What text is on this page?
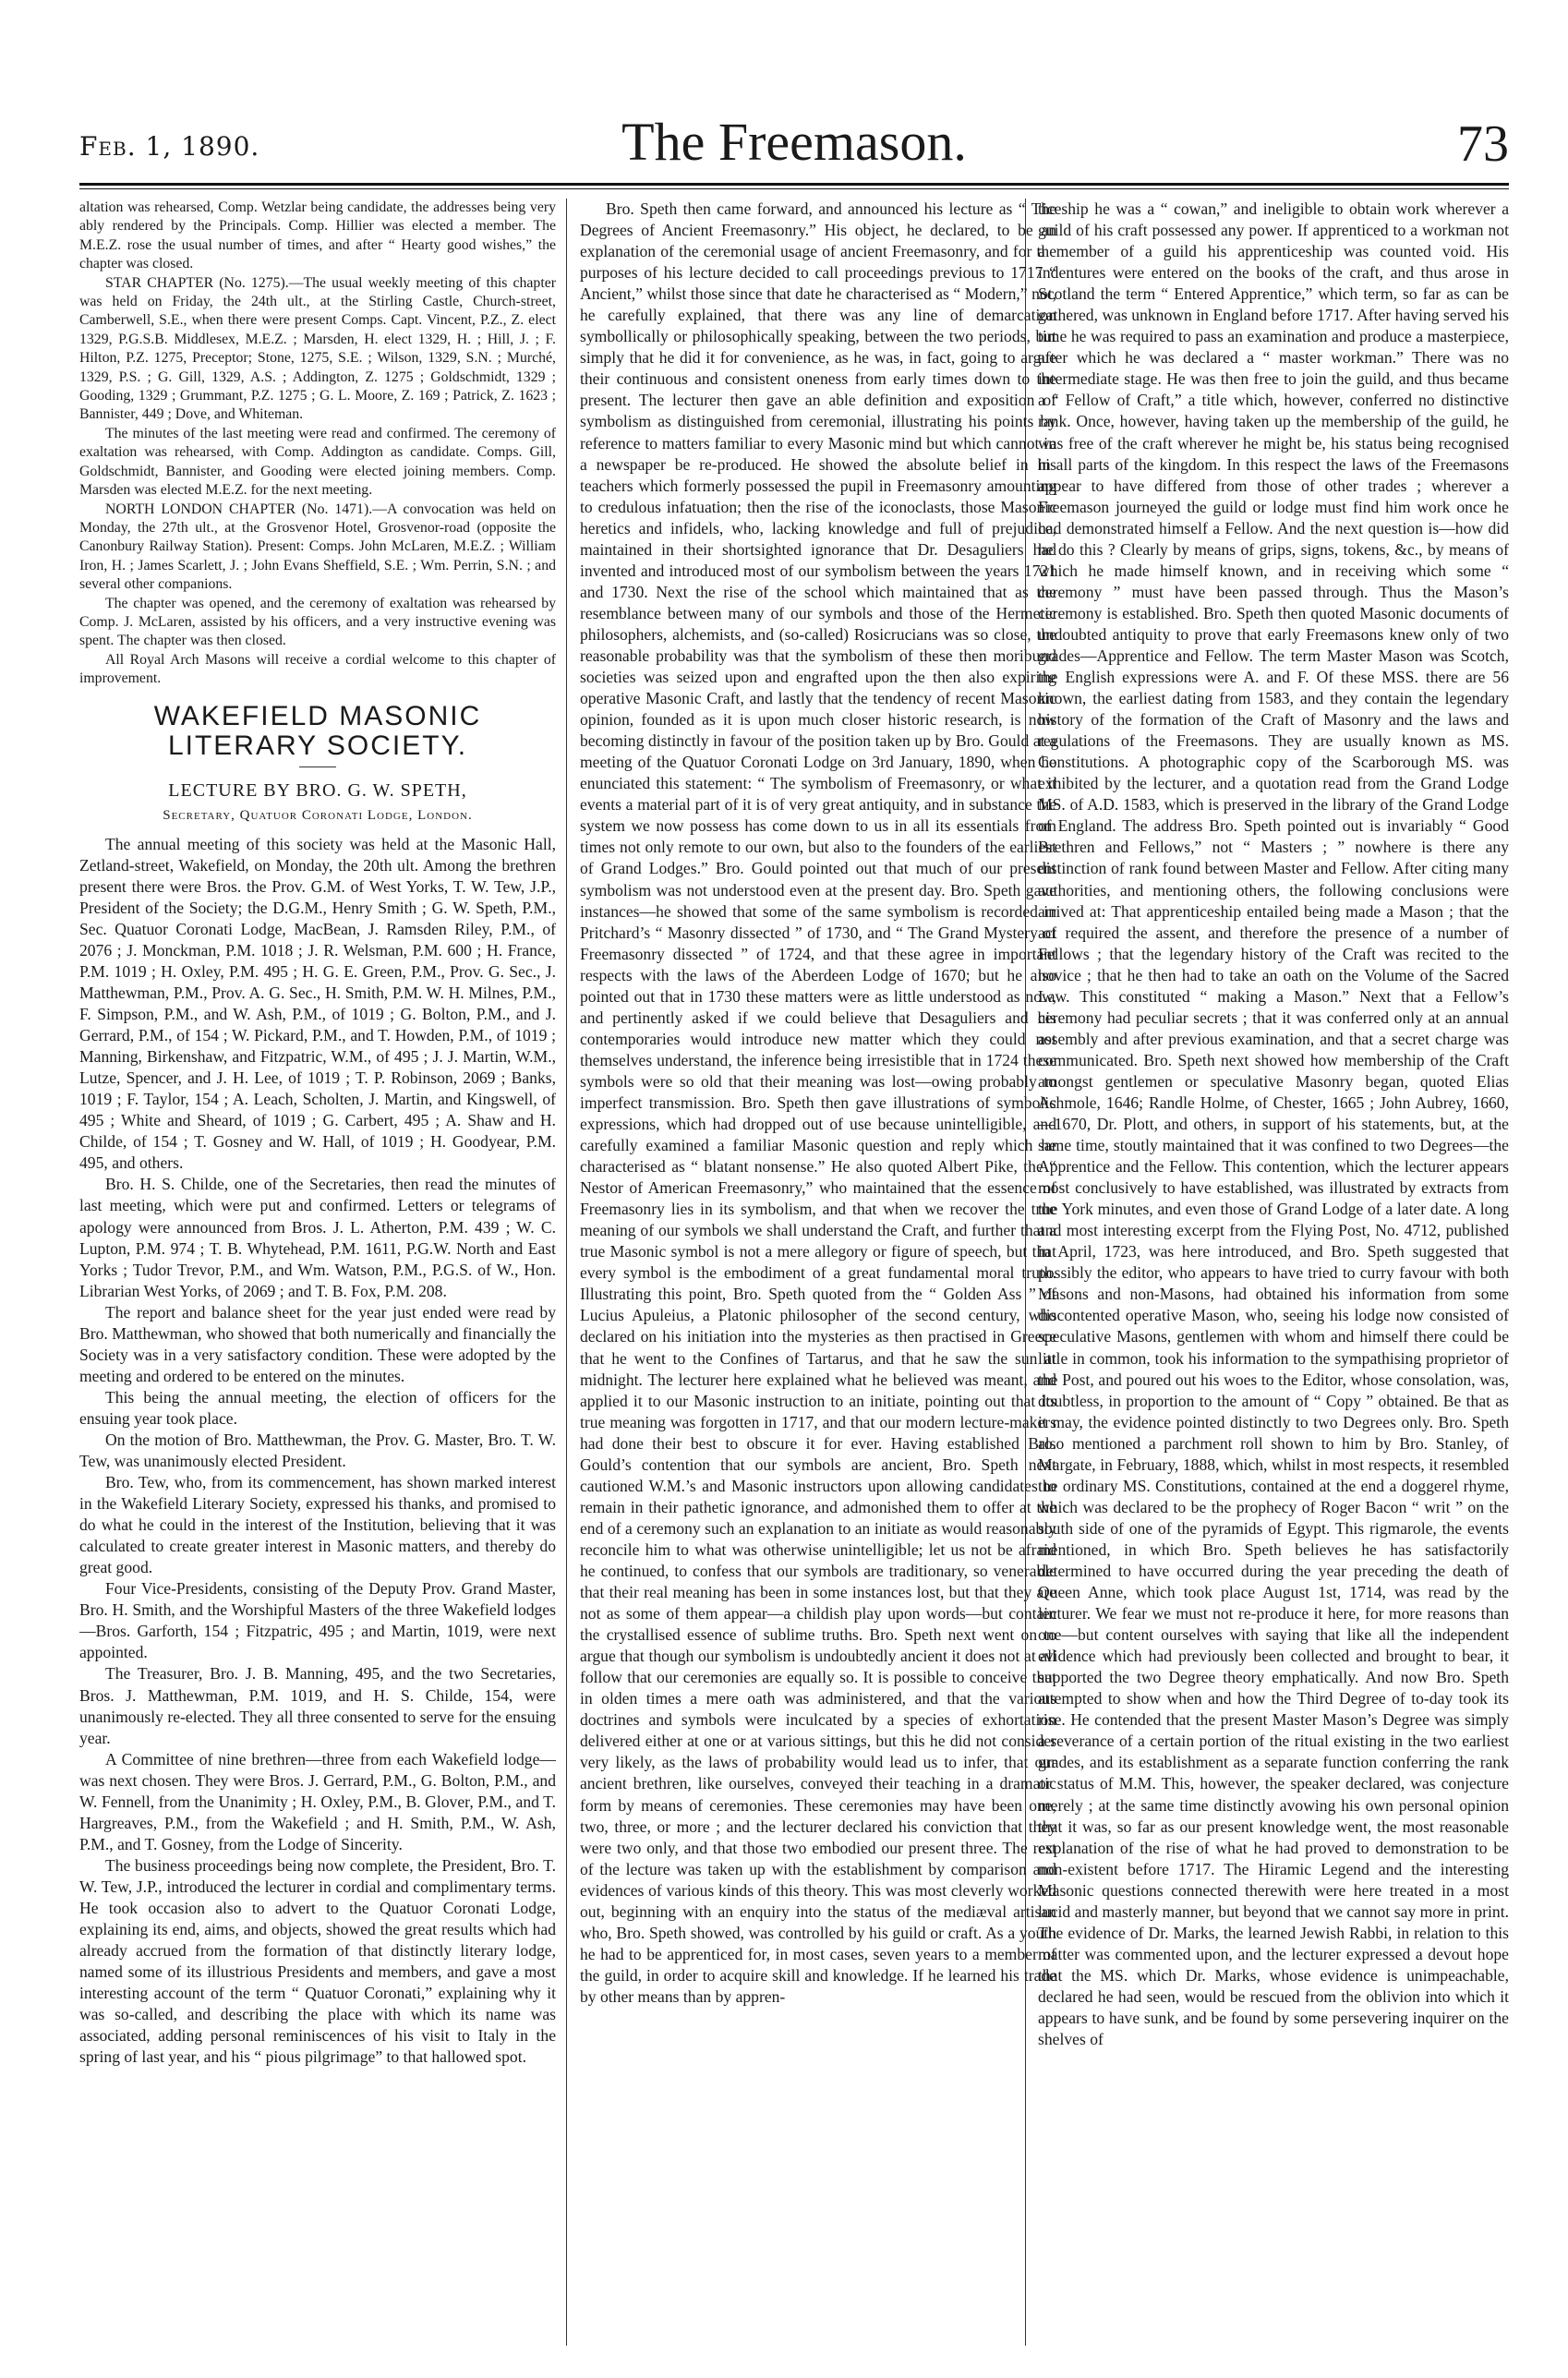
Feb. 1, 1890.	The Freemason.	73

altation was rehearsed, Comp. Wetzlar being candidate, the addresses being very ably rendered by the Principals. Comp. Hillier was elected a member. The M.E.Z. rose the usual number of times, and after “ Hearty good wishes,” the chapter was closed.

STAR CHAPTER (No. 1275).—The usual weekly meeting of this chapter was held on Friday, the 24th ult., at the Stirling Castle, Church-street, Camberwell, S.E., when there were present Comps. Capt. Vincent, P.Z., Z. elect 1329, P.G.S.B. Middlesex, M.E.Z. ; Marsden, H. elect 1329, H. ; Hill, J. ; F. Hilton, P.Z. 1275, Preceptor; Stone, 1275, S.E. ; Wilson, 1329, S.N. ; Murché, 1329, P.S. ; G. Gill, 1329, A.S. ; Addington, Z. 1275 ; Goldschmidt, 1329 ; Gooding, 1329 ; Grummant, P.Z. 1275 ; G. L. Moore, Z. 169 ; Patrick, Z. 1623 ; Bannister, 449 ; Dove, and Whiteman.

The minutes of the last meeting were read and confirmed. The ceremony of exaltation was rehearsed, with Comp. Addington as candidate. Comps. Gill, Goldschmidt, Bannister, and Gooding were elected joining members. Comp. Marsden was elected M.E.Z. for the next meeting.

NORTH LONDON CHAPTER (No. 1471).—A convocation was held on Monday, the 27th ult., at the Grosvenor Hotel, Grosvenor-road (opposite the Canonbury Railway Station). Present: Comps. John McLaren, M.E.Z. ; William Iron, H. ; James Scarlett, J. ; John Evans Sheffield, S.E. ; Wm. Perrin, S.N. ; and several other companions.

The chapter was opened, and the ceremony of exaltation was rehearsed by Comp. J. McLaren, assisted by his officers, and a very instructive evening was spent. The chapter was then closed.

All Royal Arch Masons will receive a cordial welcome to this chapter of improvement.

WAKEFIELD MASONIC LITERARY SOCIETY.
LECTURE BY BRO. G. W. SPETH,
Secretary, Quatuor Coronati Lodge, London.

The annual meeting of this society was held at the Masonic Hall, Zetland-street, Wakefield, on Monday, the 20th ult. Among the brethren present there were Bros. the Prov. G.M. of West Yorks, T. W. Tew, J.P., President of the Society; the D.G.M., Henry Smith ; G. W. Speth, P.M., Sec. Quatuor Coronati Lodge, MacBean, J. Ramsden Riley, P.M., of 2076 ; J. Monckman, P.M. 1018 ; J. R. Welsman, P.M. 600 ; H. France, P.M. 1019 ; H. Oxley, P.M. 495 ; H. G. E. Green, P.M., Prov. G. Sec., J. Matthewman, P.M., Prov. A. G. Sec., H. Smith, P.M. W. H. Milnes, P.M., F. Simpson, P.M., and W. Ash, P.M., of 1019 ; G. Bolton, P.M., and J. Gerrard, P.M., of 154 ; W. Pickard, P.M., and T. Howden, P.M., of 1019 ; Manning, Birkenshaw, and Fitzpatric, W.M., of 495 ; J. J. Martin, W.M., Lutze, Spencer, and J. H. Lee, of 1019 ; T. P. Robinson, 2069 ; Banks, 1019 ; F. Taylor, 154 ; A. Leach, Scholten, J. Martin, and Kingswell, of 495 ; White and Sheard, of 1019 ; G. Carbert, 495 ; A. Shaw and H. Childe, of 154 ; T. Gosney and W. Hall, of 1019 ; H. Goodyear, P.M. 495, and others.

Bro. H. S. Childe, one of the Secretaries, then read the minutes of last meeting, which were put and confirmed. Letters or telegrams of apology were announced from Bros. J. L. Atherton, P.M. 439 ; W. C. Lupton, P.M. 974 ; T. B. Whytehead, P.M. 1611, P.G.W. North and East Yorks ; Tudor Trevor, P.M., and Wm. Watson, P.M., P.G.S. of W., Hon. Librarian West Yorks, of 2069 ; and T. B. Fox, P.M. 208.

The report and balance sheet for the year just ended were read by Bro. Matthewman, who showed that both numerically and financially the Society was in a very satisfactory condition. These were adopted by the meeting and ordered to be entered on the minutes.

This being the annual meeting, the election of officers for the ensuing year took place.

On the motion of Bro. Matthewman, the Prov. G. Master, Bro. T. W. Tew, was unanimously elected President.

Bro. Tew, who, from its commencement, has shown marked interest in the Wakefield Literary Society, expressed his thanks, and promised to do what he could in the interest of the Institution, believing that it was calculated to create greater interest in Masonic matters, and thereby do great good.

Four Vice-Presidents, consisting of the Deputy Prov. Grand Master, Bro. H. Smith, and the Worshipful Masters of the three Wakefield lodges—Bros. Garforth, 154 ; Fitzpatric, 495 ; and Martin, 1019, were next appointed.

The Treasurer, Bro. J. B. Manning, 495, and the two Secretaries, Bros. J. Matthewman, P.M. 1019, and H. S. Childe, 154, were unanimously re-elected. They all three consented to serve for the ensuing year.

A Committee of nine brethren—three from each Wakefield lodge—was next chosen. They were Bros. J. Gerrard, P.M., G. Bolton, P.M., and W. Fennell, from the Unanimity ; H. Oxley, P.M., B. Glover, P.M., and T. Hargreaves, P.M., from the Wakefield ; and H. Smith, P.M., W. Ash, P.M., and T. Gosney, from the Lodge of Sincerity.

The business proceedings being now complete, the President, Bro. T. W. Tew, J.P., introduced the lecturer in cordial and complimentary terms. He took occasion also to advert to the Quatuor Coronati Lodge, explaining its end, aims, and objects, showed the great results which had already accrued from the formation of that distinctly literary lodge, named some of its illustrious Presidents and members, and gave a most interesting account of the term “ Quatuor Coronati,” explaining why it was so-called, and describing the place with which its name was associated, adding personal reminiscences of his visit to Italy in the spring of last year, and his “ pious pilgrimage” to that hallowed spot.

Bro. Speth then came forward, and announced his lecture as “ The Degrees of Ancient Freemasonry.” His object, he declared, to be an explanation of the ceremonial usage of ancient Freemasonry, and for the purposes of his lecture decided to call proceedings previous to 1717 “ Ancient,” whilst those since that date he characterised as “ Modern,” not, he carefully explained, that there was any line of demarcation symbollically or philosophically speaking, between the two periods, but simply that he did it for convenience, as he was, in fact, going to argue their continuous and consistent oneness from early times down to the present. The lecturer then gave an able definition and exposition of symbolism as distinguished from ceremonial, illustrating his points by reference to matters familiar to every Masonic mind but which cannot in a newspaper be re-produced. He showed the absolute belief in his teachers which formerly possessed the pupil in Freemasonry amounting to credulous infatuation; then the rise of the iconoclasts, those Masonic heretics and infidels, who, lacking knowledge and full of prejudice, maintained in their shortsighted ignorance that Dr. Desaguliers had invented and introduced most of our symbolism between the years 1721 and 1730. Next the rise of the school which maintained that as the resemblance between many of our symbols and those of the Hermetic philosophers, alchemists, and (so-called) Rosicrucians was so close, the reasonable probability was that the symbolism of these then moribund societies was seized upon and engrafted upon the then also expiring operative Masonic Craft, and lastly that the tendency of recent Masonic opinion, founded as it is upon much closer historic research, is now becoming distinctly in favour of the position taken up by Bro. Gould at a meeting of the Quatuor Coronati Lodge on 3rd January, 1890, when he enunciated this statement: “ The symbolism of Freemasonry, or what it events a material part of it is of very great antiquity, and in substance the system we now possess has come down to us in all its essentials from times not only remote to our own, but also to the founders of the earliest of Grand Lodges.” Bro. Gould pointed out that much of our present symbolism was not understood even at the present day. Bro. Speth gave instances—he showed that some of the same symbolism is recorded in Pritchard’s “ Masonry dissected ” of 1730, and “ The Grand Mystery of Freemasonry dissected ” of 1724, and that these agree in important respects with the laws of the Aberdeen Lodge of 1670; but he also pointed out that in 1730 these matters were as little understood as now, and pertinently asked if we could believe that Desaguliers and his contemporaries would introduce new matter which they could not themselves understand, the inference being irresistible that in 1724 these symbols were so old that their meaning was lost—owing probably to imperfect transmission. Bro. Speth then gave illustrations of symbolic expressions, which had dropped out of use because unintelligible, and carefully examined a familiar Masonic question and reply which he characterised as “ blatant nonsense.” He also quoted Albert Pike, the “ Nestor of American Freemasonry,” who maintained that the essence of Freemasonry lies in its symbolism, and that when we recover the true meaning of our symbols we shall understand the Craft, and further that a true Masonic symbol is not a mere allegory or figure of speech, but that every symbol is the embodiment of a great fundamental moral truth. Illustrating this point, Bro. Speth quoted from the “ Golden Ass ” of Lucius Apuleius, a Platonic philosopher of the second century, who declared on his initiation into the mysteries as then practised in Greece that he went to the Confines of Tartarus, and that he saw the sun at midnight. The lecturer here explained what he believed was meant, and applied it to our Masonic instruction to an initiate, pointing out that its true meaning was forgotten in 1717, and that our modern lecture-makers had done their best to obscure it for ever. Having established Bro. Gould’s contention that our symbols are ancient, Bro. Speth next cautioned W.M.’s and Masonic instructors upon allowing candidates to remain in their pathetic ignorance, and admonished them to offer at the end of a ceremony such an explanation to an initiate as would reasonably reconcile him to what was otherwise unintelligible; let us not be afraid he continued, to confess that our symbols are traditionary, so venerable that their real meaning has been in some instances lost, but that they are not as some of them appear—a childish play upon words—but contain the crystallised essence of sublime truths. Bro. Speth next went on to argue that though our symbolism is undoubtedly ancient it does not at all follow that our ceremonies are equally so. It is possible to conceive that in olden times a mere oath was administered, and that the various doctrines and symbols were inculcated by a species of exhortation delivered either at one or at various sittings, but this he did not consider very likely, as the laws of probability would lead us to infer, that our ancient brethren, like ourselves, conveyed their teaching in a dramatic form by means of ceremonies. These ceremonies may have been one, two, three, or more ; and the lecturer declared his conviction that they were two only, and that those two embodied our present three. The rest of the lecture was taken up with the establishment by comparison and evidences of various kinds of this theory. This was most cleverly worked out, beginning with an enquiry into the status of the mediæval artisan who, Bro. Speth showed, was controlled by his guild or craft. As a youth he had to be apprenticed for, in most cases, seven years to a member of the guild, in order to acquire skill and knowledge. If he learned his trade by other means than by appren-

ticeship he was a “ cowan,” and ineligible to obtain work wherever a guild of his craft possessed any power. If apprenticed to a workman not a member of a guild his apprenticeship was counted void. His indentures were entered on the books of the craft, and thus arose in Scotland the term “ Entered Apprentice,” which term, so far as can be gathered, was unknown in England before 1717. After having served his time he was required to pass an examination and produce a masterpiece, after which he was declared a “ master workman.” There was no intermediate stage. He was then free to join the guild, and thus became a “ Fellow of Craft,” a title which, however, conferred no distinctive rank. Once, however, having taken up the membership of the guild, he was free of the craft wherever he might be, his status being recognised in all parts of the kingdom. In this respect the laws of the Freemasons appear to have differed from those of other trades ; wherever a Freemason journeyed the guild or lodge must find him work once he had demonstrated himself a Fellow. And the next question is—how did he do this ? Clearly by means of grips, signs, tokens, &c., by means of which he made himself known, and in receiving which some “ ceremony ” must have been passed through. Thus the Mason’s ceremony is established. Bro. Speth then quoted Masonic documents of undoubted antiquity to prove that early Freemasons knew only of two grades—Apprentice and Fellow. The term Master Mason was Scotch, the English expressions were A. and F. Of these MSS. there are 56 known, the earliest dating from 1583, and they contain the legendary history of the formation of the Craft of Masonry and the laws and regulations of the Freemasons. They are usually known as MS. Constitutions. A photographic copy of the Scarborough MS. was exhibited by the lecturer, and a quotation read from the Grand Lodge MS. of A.D. 1583, which is preserved in the library of the Grand Lodge of England. The address Bro. Speth pointed out is invariably “ Good Brethren and Fellows,” not “ Masters ; ” nowhere is there any distinction of rank found between Master and Fellow. After citing many authorities, and mentioning others, the following conclusions were arrived at: That apprenticeship entailed being made a Mason ; that the act required the assent, and therefore the presence of a number of Fellows ; that the legendary history of the Craft was recited to the novice ; that he then had to take an oath on the Volume of the Sacred Law. This constituted “ making a Mason.” Next that a Fellow’s ceremony had peculiar secrets ; that it was conferred only at an annual assembly and after previous examination, and that a secret charge was communicated. Bro. Speth next showed how membership of the Craft amongst gentlemen or speculative Masonry began, quoted Elias Ashmole, 1646; Randle Holme, of Chester, 1665 ; John Aubrey, 1660, —1670, Dr. Plott, and others, in support of his statements, but, at the same time, stoutly maintained that it was confined to two Degrees—the Apprentice and the Fellow. This contention, which the lecturer appears most conclusively to have established, was illustrated by extracts from the York minutes, and even those of Grand Lodge of a later date. A long and most interesting excerpt from the Flying Post, No. 4712, published in April, 1723, was here introduced, and Bro. Speth suggested that possibly the editor, who appears to have tried to curry favour with both Masons and non-Masons, had obtained his information from some discontented operative Mason, who, seeing his lodge now consisted of speculative Masons, gentlemen with whom and himself there could be little in common, took his information to the sympathising proprietor of the Post, and poured out his woes to the Editor, whose consolation, was, doubtless, in proportion to the amount of “ Copy ” obtained. Be that as it may, the evidence pointed distinctly to two Degrees only. Bro. Speth also mentioned a parchment roll shown to him by Bro. Stanley, of Margate, in February, 1888, which, whilst in most respects, it resembled the ordinary MS. Constitutions, contained at the end a doggerel rhyme, which was declared to be the prophecy of Roger Bacon “ writ ” on the south side of one of the pyramids of Egypt. This rigmarole, the events mentioned, in which Bro. Speth believes he has satisfactorily determined to have occurred during the year preceding the death of Queen Anne, which took place August 1st, 1714, was read by the lecturer. We fear we must not re-produce it here, for more reasons than one—but content ourselves with saying that like all the independent evidence which had previously been collected and brought to bear, it supported the two Degree theory emphatically. And now Bro. Speth attempted to show when and how the Third Degree of to-day took its rise. He contended that the present Master Mason’s Degree was simply a severance of a certain portion of the ritual existing in the two earliest grades, and its establishment as a separate function conferring the rank or status of M.M. This, however, the speaker declared, was conjecture merely ; at the same time distinctly avowing his own personal opinion that it was, so far as our present knowledge went, the most reasonable explanation of the rise of what he had proved to demonstration to be non-existent before 1717. The Hiramic Legend and the interesting Masonic questions connected therewith were here treated in a most lucid and masterly manner, but beyond that we cannot say more in print. The evidence of Dr. Marks, the learned Jewish Rabbi, in relation to this matter was commented upon, and the lecturer expressed a devout hope that the MS. which Dr. Marks, whose evidence is unimpeachable, declared he had seen, would be rescued from the oblivion into which it appears to have sunk, and be found by some persevering inquirer on the shelves of
